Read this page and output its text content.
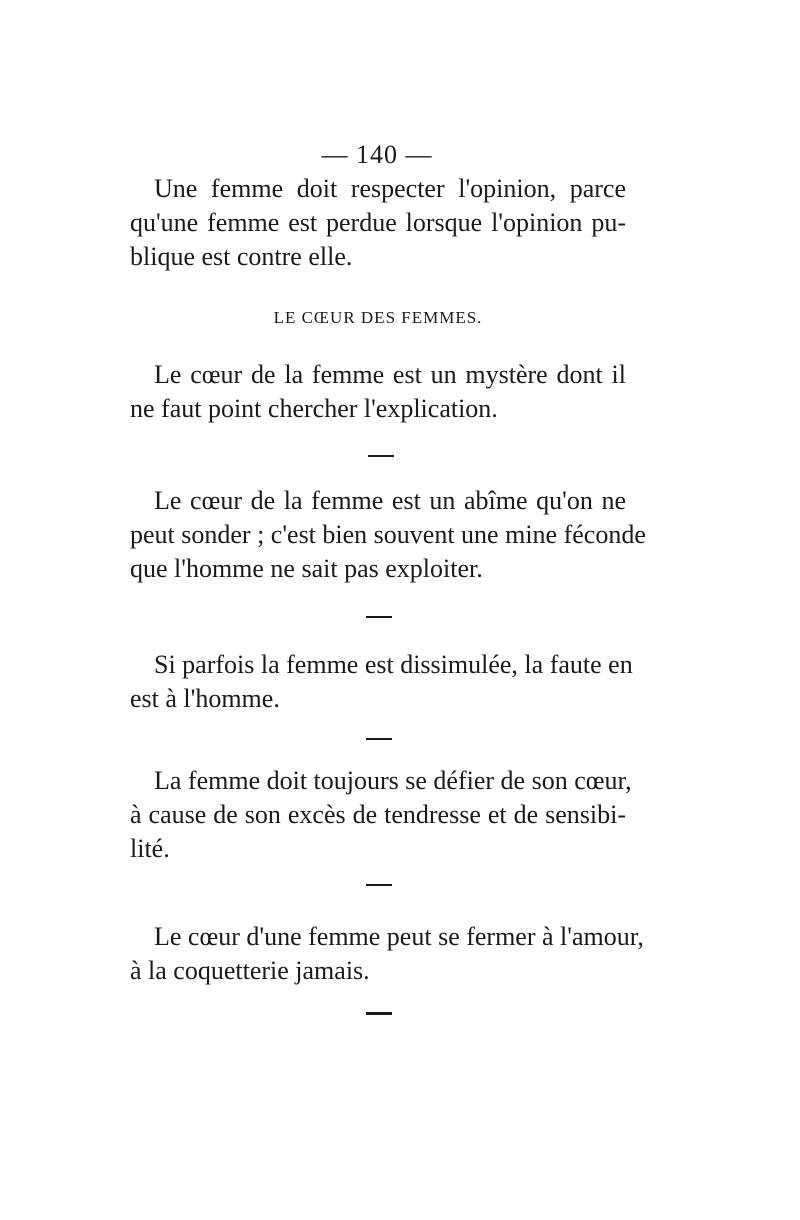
— 140 —
Une femme doit respecter l'opinion, parce
qu'une femme est perdue lorsque l'opinion pu-
blique est contre elle.
LE CŒUR DES FEMMES.
Le cœur de la femme est un mystère dont il
ne faut point chercher l'explication.
Le cœur de la femme est un abîme qu'on ne
peut sonder ; c'est bien souvent une mine féconde
que l'homme ne sait pas exploiter.
Si parfois la femme est dissimulée, la faute en
est à l'homme.
La femme doit toujours se défier de son cœur,
à cause de son excès de tendresse et de sensibi-
lité.
Le cœur d'une femme peut se fermer à l'amour,
à la coquetterie jamais.
